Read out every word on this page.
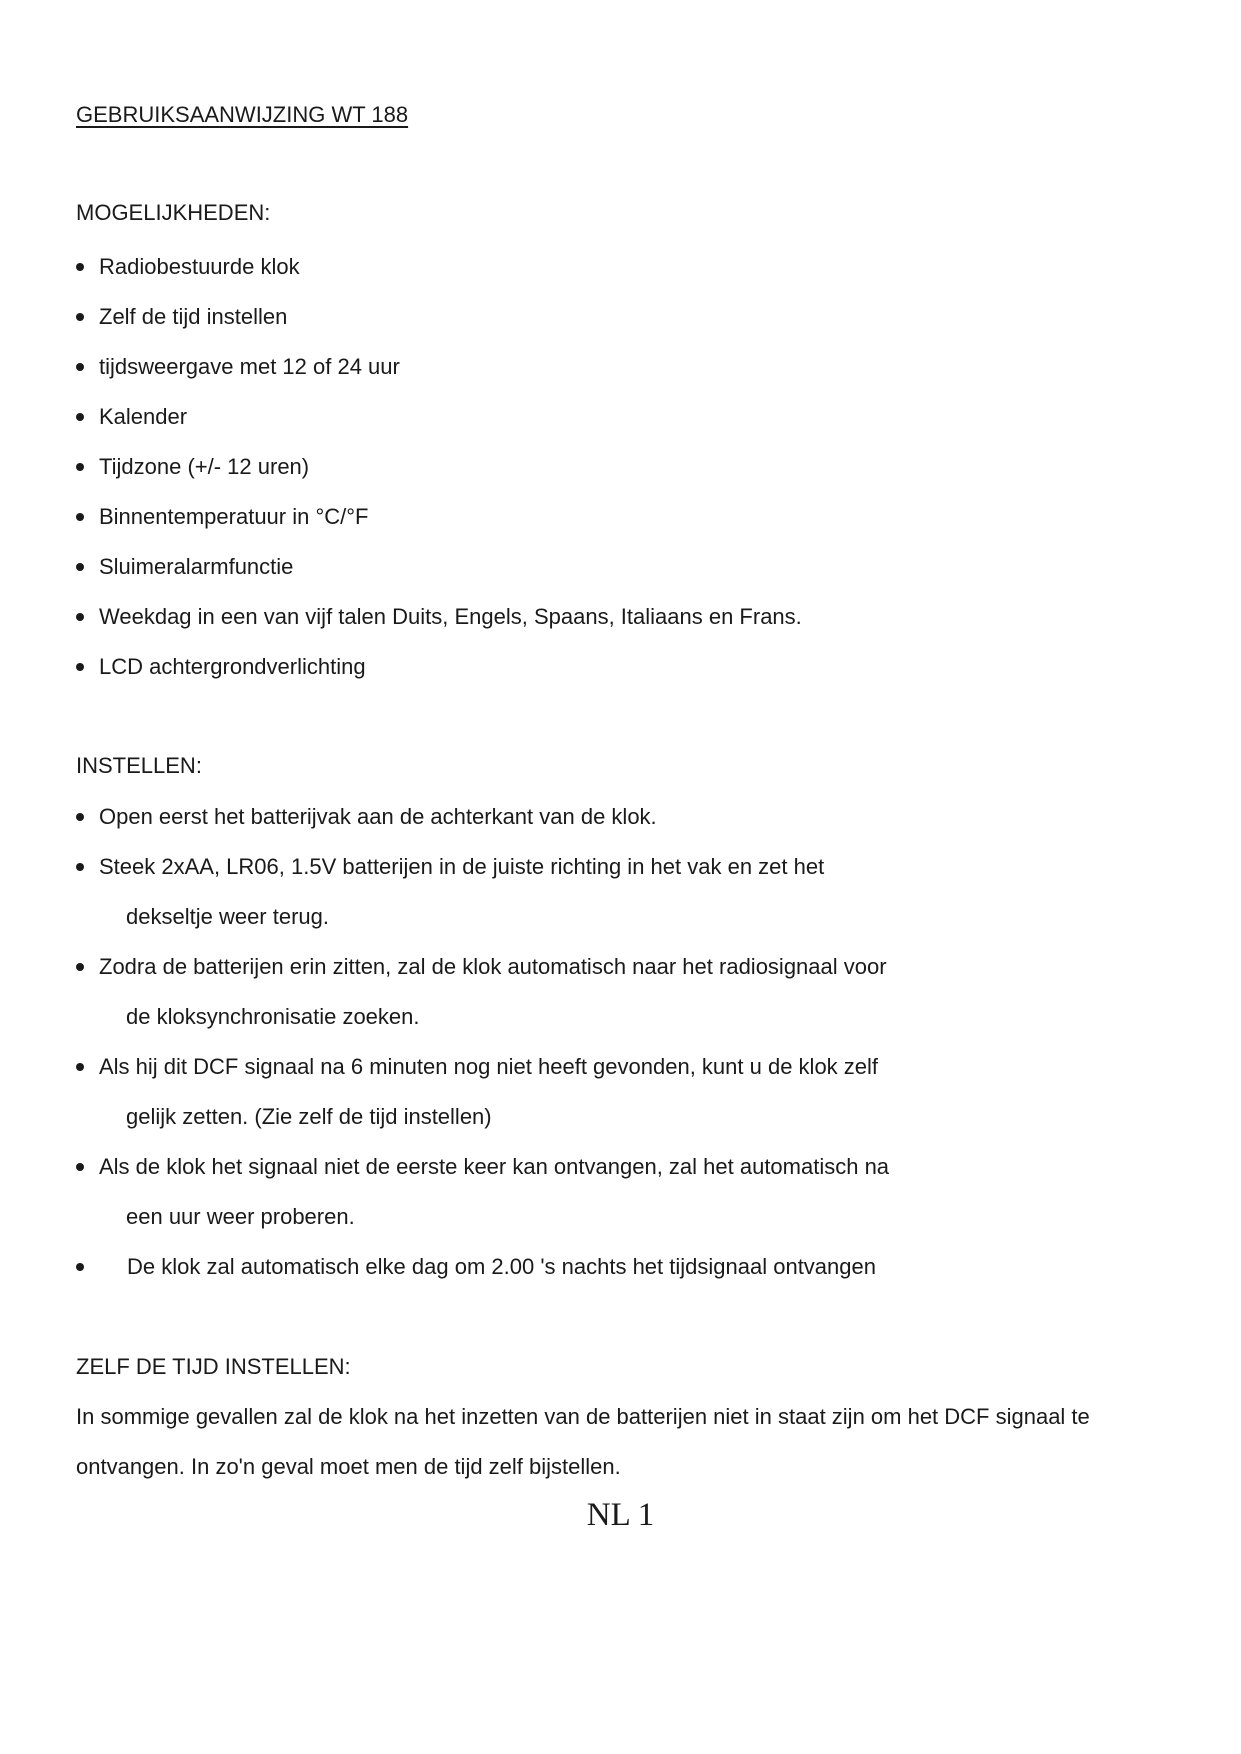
GEBRUIKSAANWIJZING WT 188
MOGELIJKHEDEN:
Radiobestuurde klok
Zelf de tijd instellen
tijdsweergave met 12 of 24 uur
Kalender
Tijdzone (+/- 12 uren)
Binnentemperatuur in °C/°F
Sluimeralarmfunctie
Weekdag in een van vijf talen Duits, Engels, Spaans, Italiaans en Frans.
LCD achtergrondverlichting
INSTELLEN:
Open eerst het batterijvak aan de achterkant van de klok.
Steek 2xAA, LR06, 1.5V batterijen in de juiste richting in het vak en zet het
dekseltje weer terug.
Zodra de batterijen erin zitten, zal de klok automatisch naar het radiosignaal voor
de kloksynchronisatie zoeken.
Als hij dit DCF signaal na 6 minuten nog niet heeft gevonden, kunt u de klok zelf
gelijk zetten. (Zie zelf de tijd instellen)
Als de klok het signaal niet de eerste keer kan ontvangen, zal het automatisch na
een uur weer proberen.
De klok zal automatisch elke dag om 2.00 's nachts het tijdsignaal ontvangen
ZELF DE TIJD INSTELLEN:

In sommige gevallen zal de klok na het inzetten van de batterijen niet in staat zijn om het DCF signaal te ontvangen. In zo'n geval moet men de tijd zelf bijstellen.

NL 1
